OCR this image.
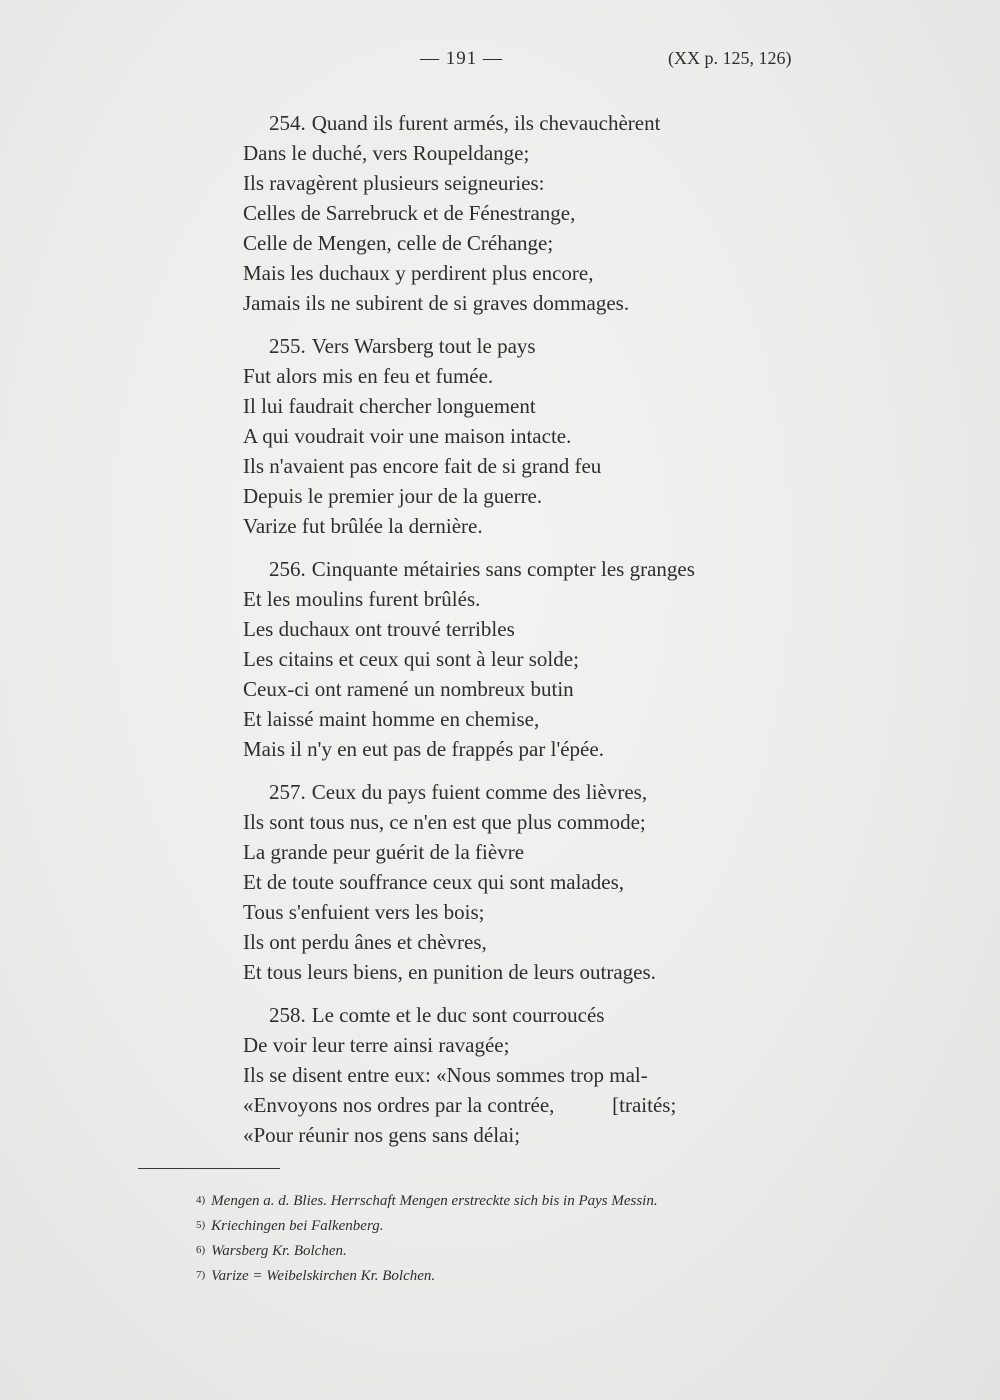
— 191 —	(XX p. 125, 126)
254. Quand ils furent armés, ils chevauchèrent
Dans le duché, vers Roupeldange;
Ils ravagèrent plusieurs seigneuries:
Celles de Sarrebruck et de Fénestrange,
Celle de Mengen, celle de Créhange;
Mais les duchaux y perdirent plus encore,
Jamais ils ne subirent de si graves dommages.
255. Vers Warsberg tout le pays
Fut alors mis en feu et fumée.
Il lui faudrait chercher longuement
A qui voudrait voir une maison intacte.
Ils n'avaient pas encore fait de si grand feu
Depuis le premier jour de la guerre.
Varize fut brûlée la dernière.
256. Cinquante métairies sans compter les granges
Et les moulins furent brûlés.
Les duchaux ont trouvé terribles
Les citains et ceux qui sont à leur solde;
Ceux-ci ont ramené un nombreux butin
Et laissé maint homme en chemise,
Mais il n'y en eut pas de frappés par l'épée.
257. Ceux du pays fuient comme des lièvres,
Ils sont tous nus, ce n'en est que plus commode;
La grande peur guérit de la fièvre
Et de toute souffrance ceux qui sont malades,
Tous s'enfuient vers les bois;
Ils ont perdu ânes et chèvres,
Et tous leurs biens, en punition de leurs outrages.
258. Le comte et le duc sont courroucés
De voir leur terre ainsi ravagée;
Ils se disent entre eux: «Nous sommes trop mal-
«Envoyons nos ordres par la contrée,           [traités;
«Pour réunir nos gens sans délai;
4) Mengen a. d. Blies. Herrschaft Mengen erstreckte sich bis in Pays Messin.
5) Kriechingen bei Falkenberg.
6) Warsberg Kr. Bolchen.
7) Varize = Weibelskirchen Kr. Bolchen.
